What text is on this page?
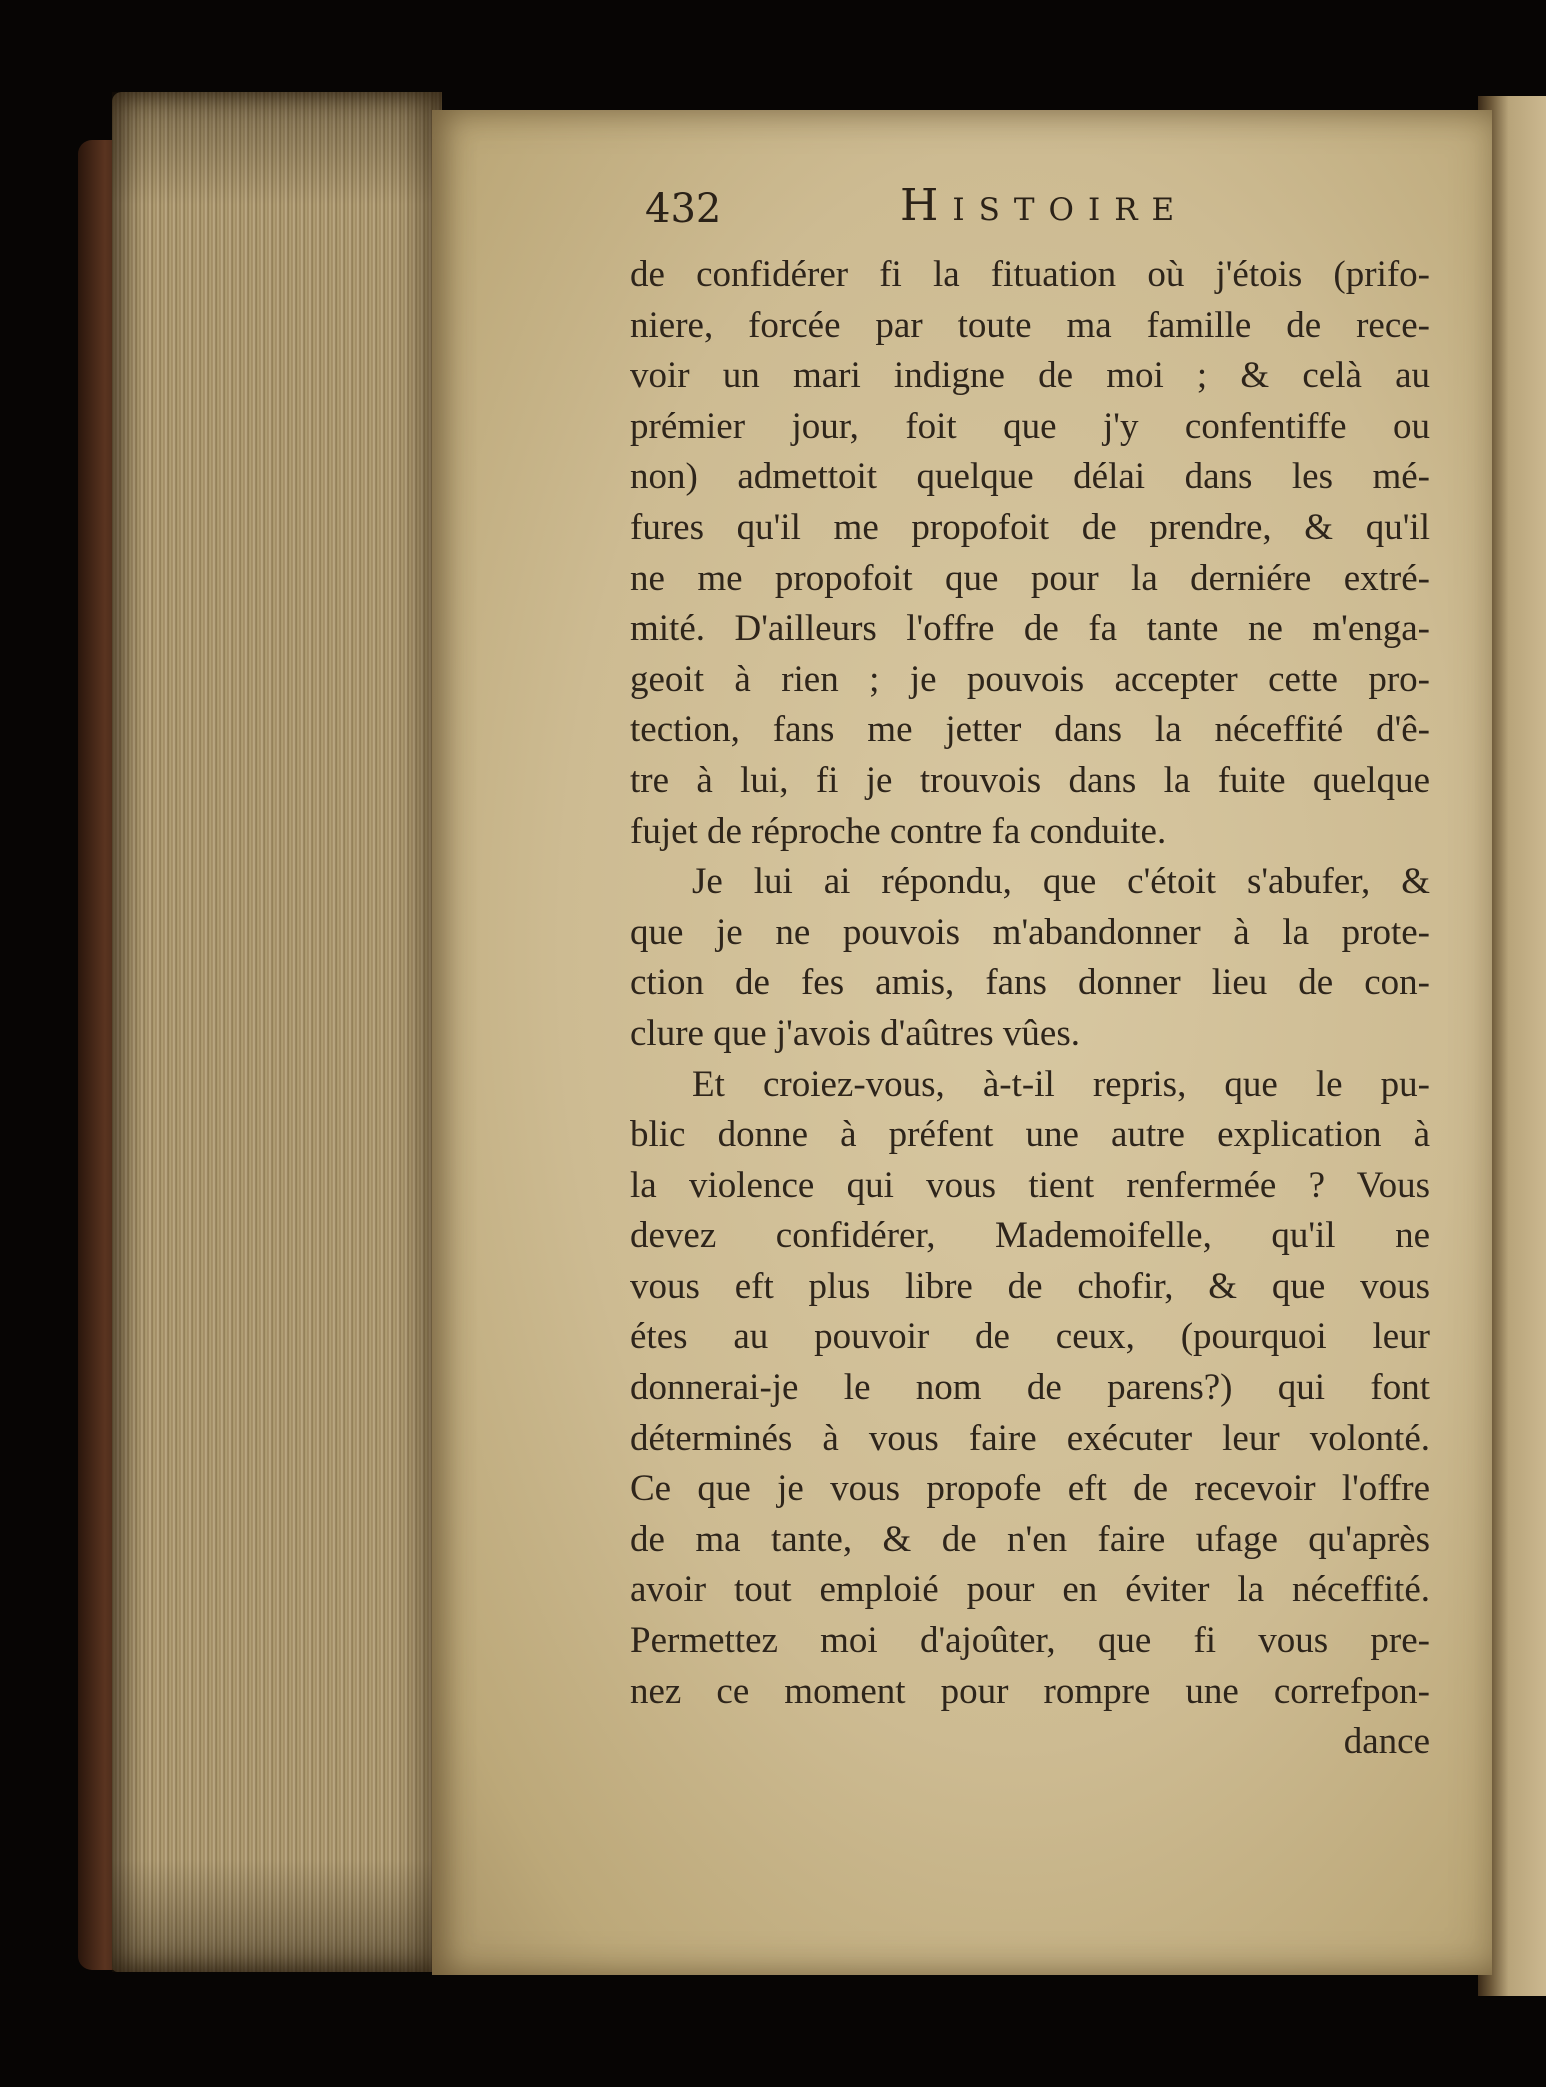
432	Histoire
de confidérer fi la fituation où j'étois (prifo-
niere, forcée par toute ma famille de rece-
voir un mari indigne de moi ; & celà au
prémier jour, foit que j'y confentiffe ou
non) admettoit quelque délai dans les mé-
fures qu'il me propofoit de prendre, & qu'il
ne me propofoit que pour la derniére extré-
mité. D'ailleurs l'offre de fa tante ne m'enga-
geoit à rien ; je pouvois accepter cette pro-
tection, fans me jetter dans la néceffité d'ê-
tre à lui, fi je trouvois dans la fuite quelque
fujet de réproche contre fa conduite.
Je lui ai répondu, que c'étoit s'abufer, &
que je ne pouvois m'abandonner à la prote-
ction de fes amis, fans donner lieu de con-
clure que j'avois d'aûtres vûes.
Et croiez-vous, à-t-il repris, que le pu-
blic donne à préfent une autre explication à
la violence qui vous tient renfermée ? Vous
devez confidérer, Mademoifelle, qu'il ne
vous eft plus libre de chofir, & que vous
étes au pouvoir de ceux, (pourquoi leur
donnerai-je le nom de parens?) qui font
déterminés à vous faire exécuter leur volonté.
Ce que je vous propofe eft de recevoir l'offre
de ma tante, & de n'en faire ufage qu'après
avoir tout emploié pour en éviter la néceffité.
Permettez moi d'ajoûter, que fi vous pre-
nez ce moment pour rompre une correfpon-
dance
